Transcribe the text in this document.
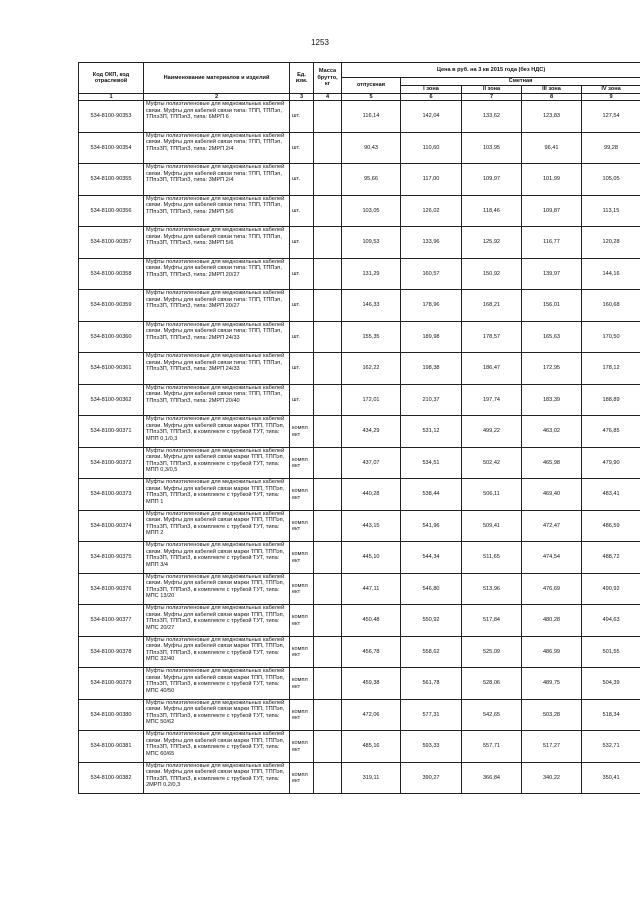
1253
Код ОКП, код отраслевой	Наименование материалов и изделий	Ед. изм.	Масса брутто, кг	Цена в руб. на 3 кв 2015 года (без НДС)				
				отпускная	Сметная			
					I зона	II зона	III зона	IV зона
1	2	3	4	5	6	7	8	9
534-8100-90353	Муфты полиэтиленовые для медножильных кабелей связи. Муфты для кабелей связи типа: ТПП, ТППэп, ТПпэЗП, ТППэпЗ, типа: 6МРП 6	шт.		116,14	142,04	133,62	123,83	127,54
534-8100-90354	Муфты полиэтиленовые для медножильных кабелей связи. Муфты для кабелей связи типа: ТПП, ТППэп, ТПпэЗП, ТППэпЗ, типа: 2МРП 2/4	шт.		90,43	110,60	103,95	96,41	99,28
534-8100-90355	Муфты полиэтиленовые для медножильных кабелей связи. Муфты для кабелей связи типа: ТПП, ТППэп, ТПпэЗП, ТППэпЗ, типа: 3МРП 2/4	шт.		95,66	117,00	109,97	101,99	105,05
534-8100-90356	Муфты полиэтиленовые для медножильных кабелей связи. Муфты для кабелей связи типа: ТПП, ТППэп, ТПпэЗП, ТППэпЗ, типа: 2МРП 5/6	шт.		103,05	126,02	118,46	109,87	113,15
534-8100-90357	Муфты полиэтиленовые для медножильных кабелей связи. Муфты для кабелей связи типа: ТПП, ТППэп, ТПпэЗП, ТППэпЗ, типа: 3МРП 5/6	шт.		109,53	133,96	125,92	116,77	120,28
534-8100-90358	Муфты полиэтиленовые для медножильных кабелей связи. Муфты для кабелей связи типа: ТПП, ТППэп, ТПпэЗП, ТППэпЗ, типа: 2МРП 20/27	шт.		131,29	160,57	150,92	139,97	144,16
534-8100-90359	Муфты полиэтиленовые для медножильных кабелей связи. Муфты для кабелей связи типа: ТПП, ТППэп, ТПпэЗП, ТППэпЗ, типа: 3МРП 20/27	шт.		146,33	178,96	168,21	156,01	160,68
534-8100-90360	Муфты полиэтиленовые для медножильных кабелей связи. Муфты для кабелей связи типа: ТПП, ТППэп, ТПпэЗП, ТППэпЗ, типа: 2МРП 24/33	шт.		155,35	189,98	178,57	165,63	170,50
534-8100-90361	Муфты полиэтиленовые для медножильных кабелей связи. Муфты для кабелей связи типа: ТПП, ТППэп, ТПпэЗП, ТППэпЗ, типа: 3МРП 24/33	шт.		162,22	198,38	186,47	172,95	178,12
534-8100-90362	Муфты полиэтиленовые для медножильных кабелей связи. Муфты для кабелей связи типа: ТПП, ТППэп, ТПпэЗП, ТППэпЗ, типа: 2МРП 20/40	шт.		172,01	210,37	197,74	183,39	188,89
534-8100-90371	Муфты полиэтиленовые для медножильных кабелей связи. Муфты для кабелей связи марки ТПП, ТППэп, ТПпэЗП, ТППэпЗ, в комплекте с трубкой ТУТ, типа: МПП 0,1/0,3	компл ект		434,29	531,12	499,22	463,02	476,85
534-8100-90372	Муфты полиэтиленовые для медножильных кабелей связи. Муфты для кабелей связи марки ТПП, ТППэп, ТПпэЗП, ТППэпЗ, в комплекте с трубкой ТУТ, типа: МПП 0,3/0,5	компл ект		437,07	534,51	502,42	465,98	479,90
534-8100-90373	Муфты полиэтиленовые для медножильных кабелей связи. Муфты для кабелей связи марки ТПП, ТППэп, ТПпэЗП, ТППэпЗ, в комплекте с трубкой ТУТ, типа: МПП 1	компл ект		440,28	538,44	506,11	469,40	483,41
534-8100-90374	Муфты полиэтиленовые для медножильных кабелей связи. Муфты для кабелей связи марки ТПП, ТППэп, ТПпэЗП, ТППэпЗ, в комплекте с трубкой ТУТ, типа: МПП 2	компл ект		443,15	541,96	509,41	472,47	486,59
534-8100-90375	Муфты полиэтиленовые для медножильных кабелей связи. Муфты для кабелей связи марки ТПП, ТППэп, ТПпэЗП, ТППэпЗ, в комплекте с трубкой ТУТ, типа: МПП 3/4	компл ект		445,10	544,34	511,65	474,54	488,72
534-8100-90376	Муфты полиэтиленовые для медножильных кабелей связи. Муфты для кабелей связи марки ТПП, ТППэп, ТПпэЗП, ТППэпЗ, в комплекте с трубкой ТУТ, типа: МПС 13/20	компл ект		447,11	546,80	513,96	476,69	490,92
534-8100-90377	Муфты полиэтиленовые для медножильных кабелей связи. Муфты для кабелей связи марки ТПП, ТППэп, ТПпэЗП, ТППэпЗ, в комплекте с трубкой ТУТ, типа: МПС 20/27	компл ект		450,48	550,92	517,84	480,28	494,63
534-8100-90378	Муфты полиэтиленовые для медножильных кабелей связи. Муфты для кабелей связи марки ТПП, ТППэп, ТПпэЗП, ТППэпЗ, в комплекте с трубкой ТУТ, типа: МПС 32/40	компл ект		456,78	558,62	525,09	486,99	501,55
534-8100-90379	Муфты полиэтиленовые для медножильных кабелей связи. Муфты для кабелей связи марки ТПП, ТППэп, ТПпэЗП, ТППэпЗ, в комплекте с трубкой ТУТ, типа: МПС 40/50	компл ект		459,38	561,78	528,06	489,75	504,39
534-8100-90380	Муфты полиэтиленовые для медножильных кабелей связи. Муфты для кабелей связи марки ТПП, ТППэп, ТПпэЗП, ТППэпЗ, в комплекте с трубкой ТУТ, типа: МПС 50/62	компл ект		472,06	577,31	542,65	503,28	518,34
534-8100-90381	Муфты полиэтиленовые для медножильных кабелей связи. Муфты для кабелей связи марки ТПП, ТППэп, ТПпэЗП, ТППэпЗ, в комплекте с трубкой ТУТ, типа: МПС 60/65	компл ект		485,16	593,33	557,71	517,27	532,71
534-8100-90382	Муфты полиэтиленовые для медножильных кабелей связи. Муфты для кабелей связи марки ТПП, ТППэп, ТПпэЗП, ТППэпЗ, в комплекте с трубкой ТУТ, типа: 2МРП 0,2/0,3	компл ект		319,11	390,27	366,84	340,22	350,41
